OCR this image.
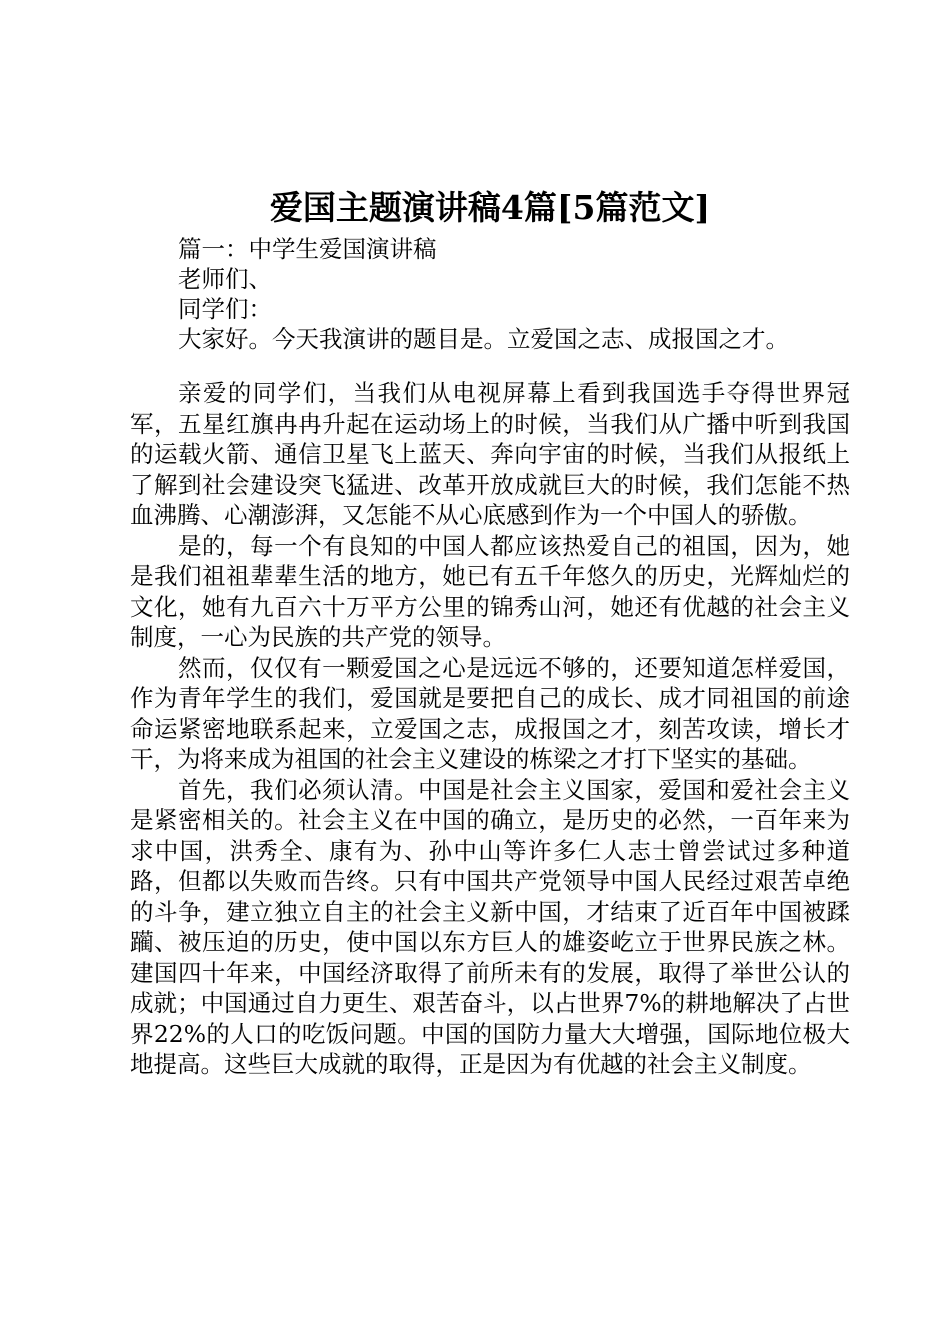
爱国主题演讲稿4篇[5篇范文]

篇一：中学生爱国演讲稿

老师们、

同学们：

大家好。今天我演讲的题目是。立爱国之志、成报国之才。

亲爱的同学们，当我们从电视屏幕上看到我国选手夺得世界冠军，五星红旗冉冉升起在运动场上的时候，当我们从广播中听到我国的运载火箭、通信卫星飞上蓝天、奔向宇宙的时候，当我们从报纸上了解到社会建设突飞猛进、改革开放成就巨大的时候，我们怎能不热血沸腾、心潮澎湃，又怎能不从心底感到作为一个中国人的骄傲。

是的，每一个有良知的中国人都应该热爱自己的祖国，因为，她是我们祖祖辈辈生活的地方，她已有五千年悠久的历史，光辉灿烂的文化，她有九百六十万平方公里的锦秀山河，她还有优越的社会主义制度，一心为民族的共产党的领导。

然而，仅仅有一颗爱国之心是远远不够的，还要知道怎样爱国，作为青年学生的我们，爱国就是要把自己的成长、成才同祖国的前途命运紧密地联系起来，立爱国之志，成报国之才，刻苦攻读，增长才干，为将来成为祖国的社会主义建设的栋梁之才打下坚实的基础。

首先，我们必须认清。中国是社会主义国家，爱国和爱社会主义是紧密相关的。社会主义在中国的确立，是历史的必然，一百年来为求中国，洪秀全、康有为、孙中山等许多仁人志士曾尝试过多种道路，但都以失败而告终。只有中国共产党领导中国人民经过艰苦卓绝的斗争，建立独立自主的社会主义新中国，才结束了近百年中国被蹂躏、被压迫的历史，使中国以东方巨人的雄姿屹立于世界民族之林。建国四十年来，中国经济取得了前所未有的发展，取得了举世公认的成就；中国通过自力更生、艰苦奋斗，以占世界7%的耕地解决了占世界22%的人口的吃饭问题。中国的国防力量大大增强，国际地位极大地提高。这些巨大成就的取得，正是因为有优越的社会主义制度。
